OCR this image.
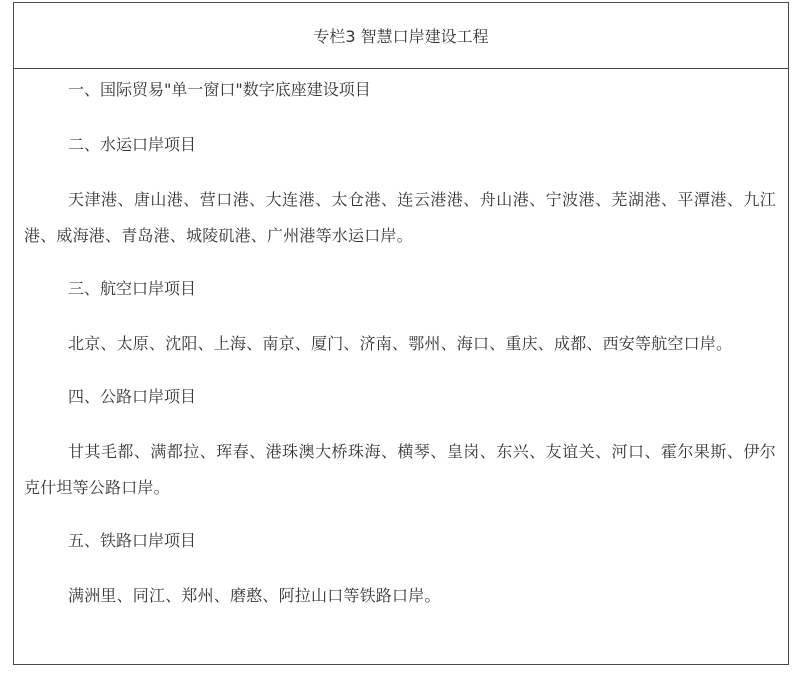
专栏3 智慧口岸建设工程

一、国际贸易"单一窗口"数字底座建设项目

二、水运口岸项目

天津港、唐山港、营口港、大连港、太仓港、连云港港、舟山港、宁波港、芜湖港、平潭港、九江港、威海港、青岛港、城陵矶港、广州港等水运口岸。

三、航空口岸项目

北京、太原、沈阳、上海、南京、厦门、济南、鄂州、海口、重庆、成都、西安等航空口岸。

四、公路口岸项目

甘其毛都、满都拉、珲春、港珠澳大桥珠海、横琴、皇岗、东兴、友谊关、河口、霍尔果斯、伊尔克什坦等公路口岸。

五、铁路口岸项目

满洲里、同江、郑州、磨憨、阿拉山口等铁路口岸。
